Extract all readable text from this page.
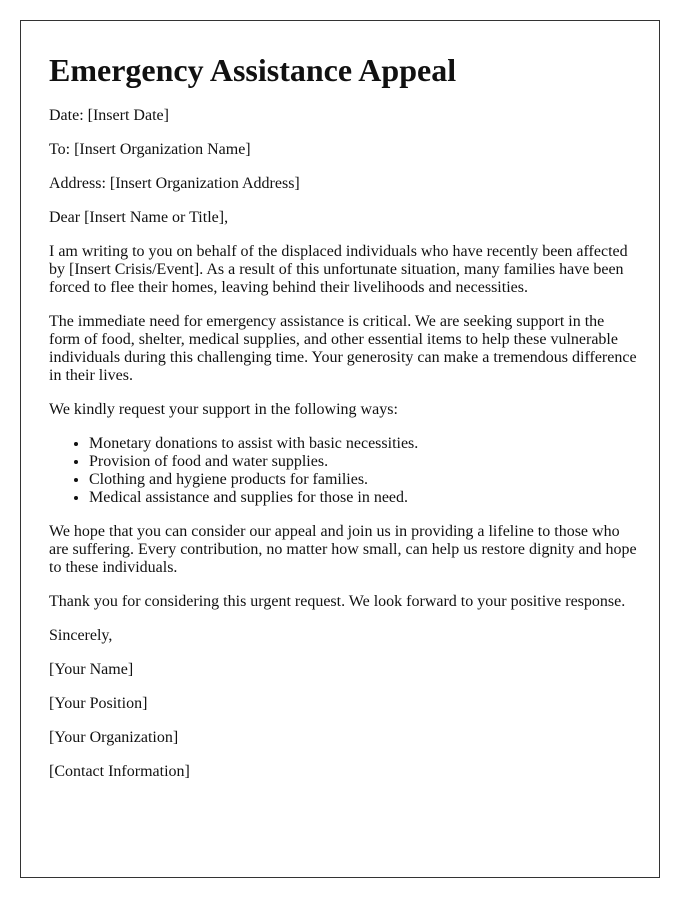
Emergency Assistance Appeal

Date: [Insert Date]

To: [Insert Organization Name]

Address: [Insert Organization Address]

Dear [Insert Name or Title],

I am writing to you on behalf of the displaced individuals who have recently been affected by [Insert Crisis/Event]. As a result of this unfortunate situation, many families have been forced to flee their homes, leaving behind their livelihoods and necessities.

The immediate need for emergency assistance is critical. We are seeking support in the form of food, shelter, medical supplies, and other essential items to help these vulnerable individuals during this challenging time. Your generosity can make a tremendous difference in their lives.

We kindly request your support in the following ways:

• Monetary donations to assist with basic necessities.
• Provision of food and water supplies.
• Clothing and hygiene products for families.
• Medical assistance and supplies for those in need.

We hope that you can consider our appeal and join us in providing a lifeline to those who are suffering. Every contribution, no matter how small, can help us restore dignity and hope to these individuals.

Thank you for considering this urgent request. We look forward to your positive response.

Sincerely,

[Your Name]

[Your Position]

[Your Organization]

[Contact Information]
